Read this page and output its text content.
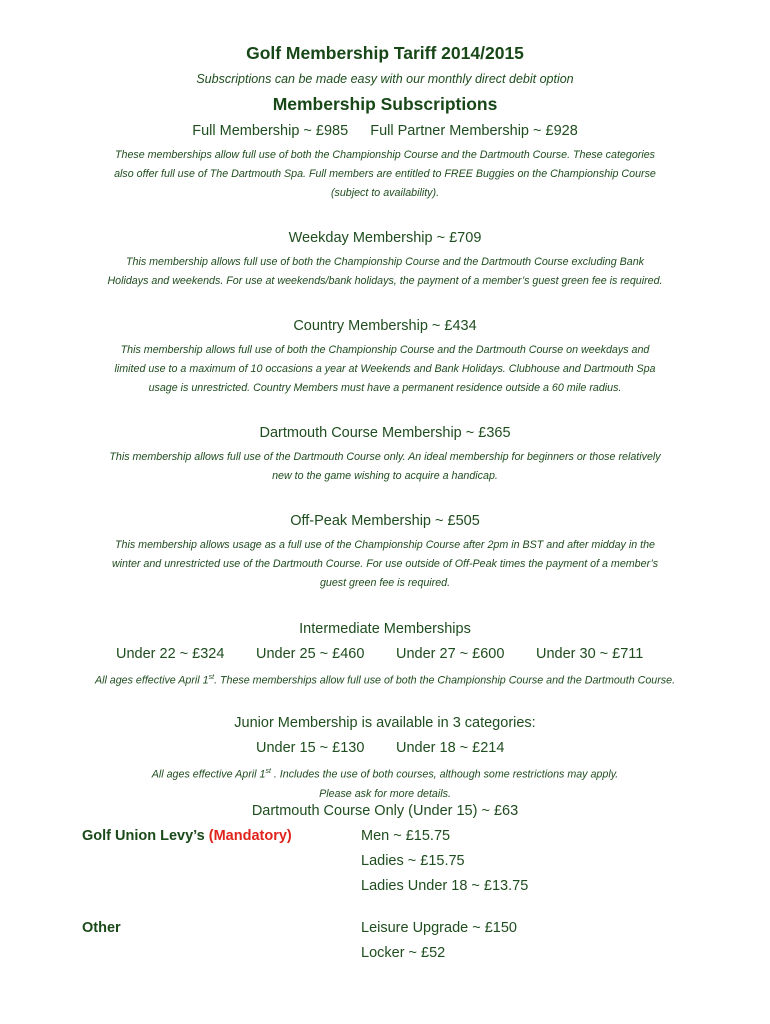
Golf Membership Tariff 2014/2015
Subscriptions can be made easy with our monthly direct debit option
Membership Subscriptions
Full Membership ~ £985 Full Partner Membership ~ £928
These memberships allow full use of both the Championship Course and the Dartmouth Course. These categories
also offer full use of The Dartmouth Spa. Full members are entitled to FREE Buggies on the Championship Course
(subject to availability).
Weekday Membership ~ £709
This membership allows full use of both the Championship Course and the Dartmouth Course excluding Bank
Holidays and weekends. For use at weekends/bank holidays, the payment of a member’s guest green fee is required.
Country Membership ~ £434
This membership allows full use of both the Championship Course and the Dartmouth Course on weekdays and
limited use to a maximum of 10 occasions a year at Weekends and Bank Holidays. Clubhouse and Dartmouth Spa
usage is unrestricted. Country Members must have a permanent residence outside a 60 mile radius.
Dartmouth Course Membership ~ £365
This membership allows full use of the Dartmouth Course only. An ideal membership for beginners or those relatively
new to the game wishing to acquire a handicap.
Off-Peak Membership ~ £505
This membership allows usage as a full use of the Championship Course after 2pm in BST and after midday in the
winter and unrestricted use of the Dartmouth Course. For use outside of Off-Peak times the payment of a member’s
guest green fee is required.
Intermediate Memberships
Under 22 ~ £324 Under 25 ~ £460 Under 27 ~ £600 Under 30 ~ £711
All ages effective April 1st. These memberships allow full use of both the Championship Course and the Dartmouth Course.
Junior Membership is available in 3 categories:
Under 15 ~ £130 Under 18 ~ £214
All ages effective April 1st . Includes the use of both courses, although some restrictions may apply.
Please ask for more details.
Dartmouth Course Only (Under 15) ~ £63
Golf Union Levy’s (Mandatory)	Men ~ £15.75
Ladies ~ £15.75
Ladies Under 18 ~ £13.75
Other	Leisure Upgrade ~ £150
Locker ~ £52
